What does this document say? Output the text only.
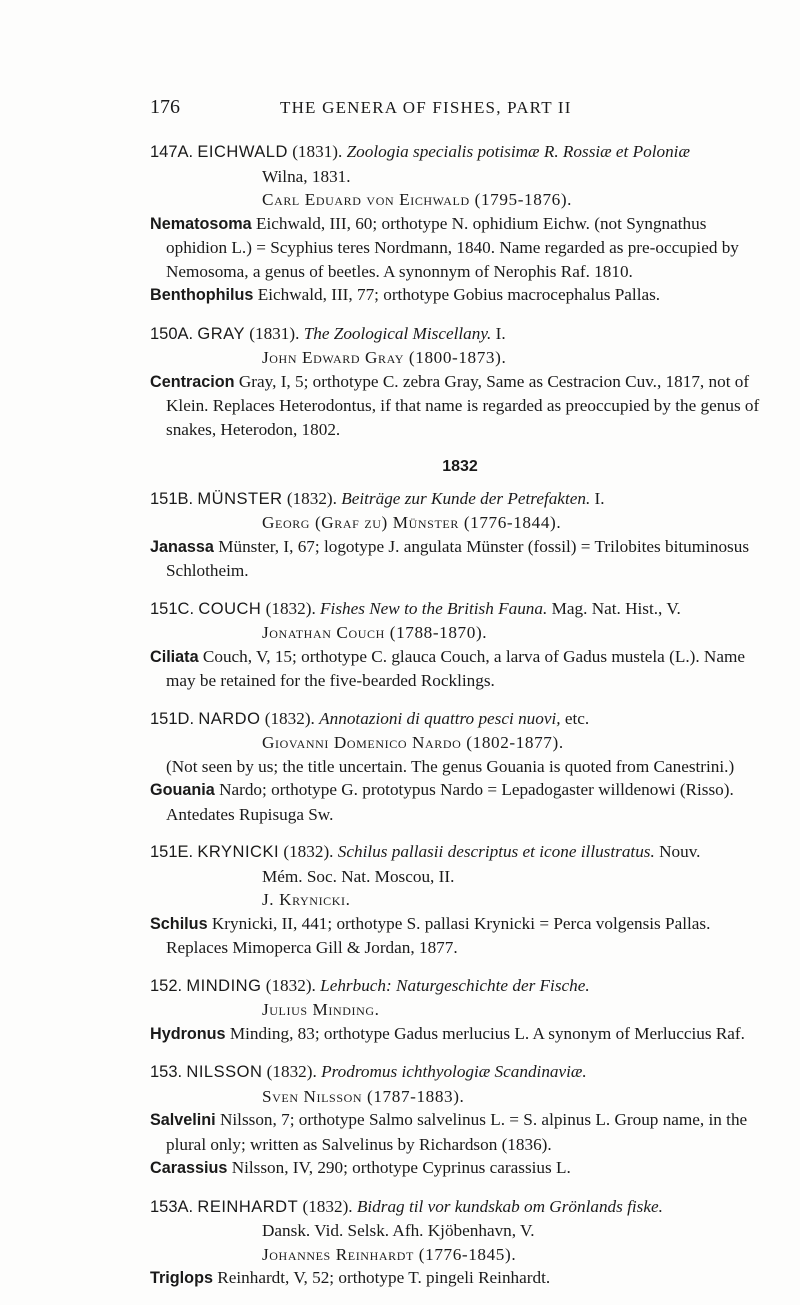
176	THE GENERA OF FISHES, PART II
147A. EICHWALD (1831). Zoologia specialis potisimæ R. Rossiæ et Poloniæ
Wilna, 1831.
Carl Eduard von Eichwald (1795-1876).
Nematosoma Eichwald, III, 60; orthotype N. ophidium Eichw. (not Syngnathus ophidion L.) = Scyphius teres Nordmann, 1840. Name regarded as pre-occupied by Nemosoma, a genus of beetles. A synonnym of Nerophis Raf. 1810.
Benthophilus Eichwald, III, 77; orthotype Gobius macrocephalus Pallas.
150A. GRAY (1831). The Zoological Miscellany. I.
John Edward Gray (1800-1873).
Centracion Gray, I, 5; orthotype C. zebra Gray, Same as Cestracion Cuv., 1817, not of Klein. Replaces Heterodontus, if that name is regarded as preoccupied by the genus of snakes, Heterodon, 1802.
1832
151B. MÜNSTER (1832). Beiträge zur Kunde der Petrefakten. I.
Georg (Graf zu) Münster (1776-1844).
Janassa Münster, I, 67; logotype J. angulata Münster (fossil) = Trilobites bituminosus Schlotheim.
151C. COUCH (1832). Fishes New to the British Fauna. Mag. Nat. Hist., V.
Jonathan Couch (1788-1870).
Ciliata Couch, V, 15; orthotype C. glauca Couch, a larva of Gadus mustela (L.). Name may be retained for the five-bearded Rocklings.
151D. NARDO (1832). Annotazioni di quattro pesci nuovi, etc.
Giovanni Domenico Nardo (1802-1877).
(Not seen by us; the title uncertain. The genus Gouania is quoted from Canestrini.)
Gouania Nardo; orthotype G. prototypus Nardo = Lepadogaster willdenowi (Risso). Antedates Rupisuga Sw.
151E. KRYNICKI (1832). Schilus pallasii descriptus et icone illustratus. Nouv.
Mém. Soc. Nat. Moscou, II.
J. Krynicki.
Schilus Krynicki, II, 441; orthotype S. pallasi Krynicki = Perca volgensis Pallas. Replaces Mimoperca Gill & Jordan, 1877.
152. MINDING (1832). Lehrbuch: Naturgeschichte der Fische.
Julius Minding.
Hydronus Minding, 83; orthotype Gadus merlucius L. A synonym of Merluccius Raf.
153. NILSSON (1832). Prodromus ichthyologiæ Scandinaviæ.
Sven Nilsson (1787-1883).
Salvelini Nilsson, 7; orthotype Salmo salvelinus L. = S. alpinus L. Group name, in the plural only; written as Salvelinus by Richardson (1836).
Carassius Nilsson, IV, 290; orthotype Cyprinus carassius L.
153A. REINHARDT (1832). Bidrag til vor kundskab om Grönlands fiske.
Dansk. Vid. Selsk. Afh. Kjöbenhavn, V.
Johannes Reinhardt (1776-1845).
Triglops Reinhardt, V, 52; orthotype T. pingeli Reinhardt.
